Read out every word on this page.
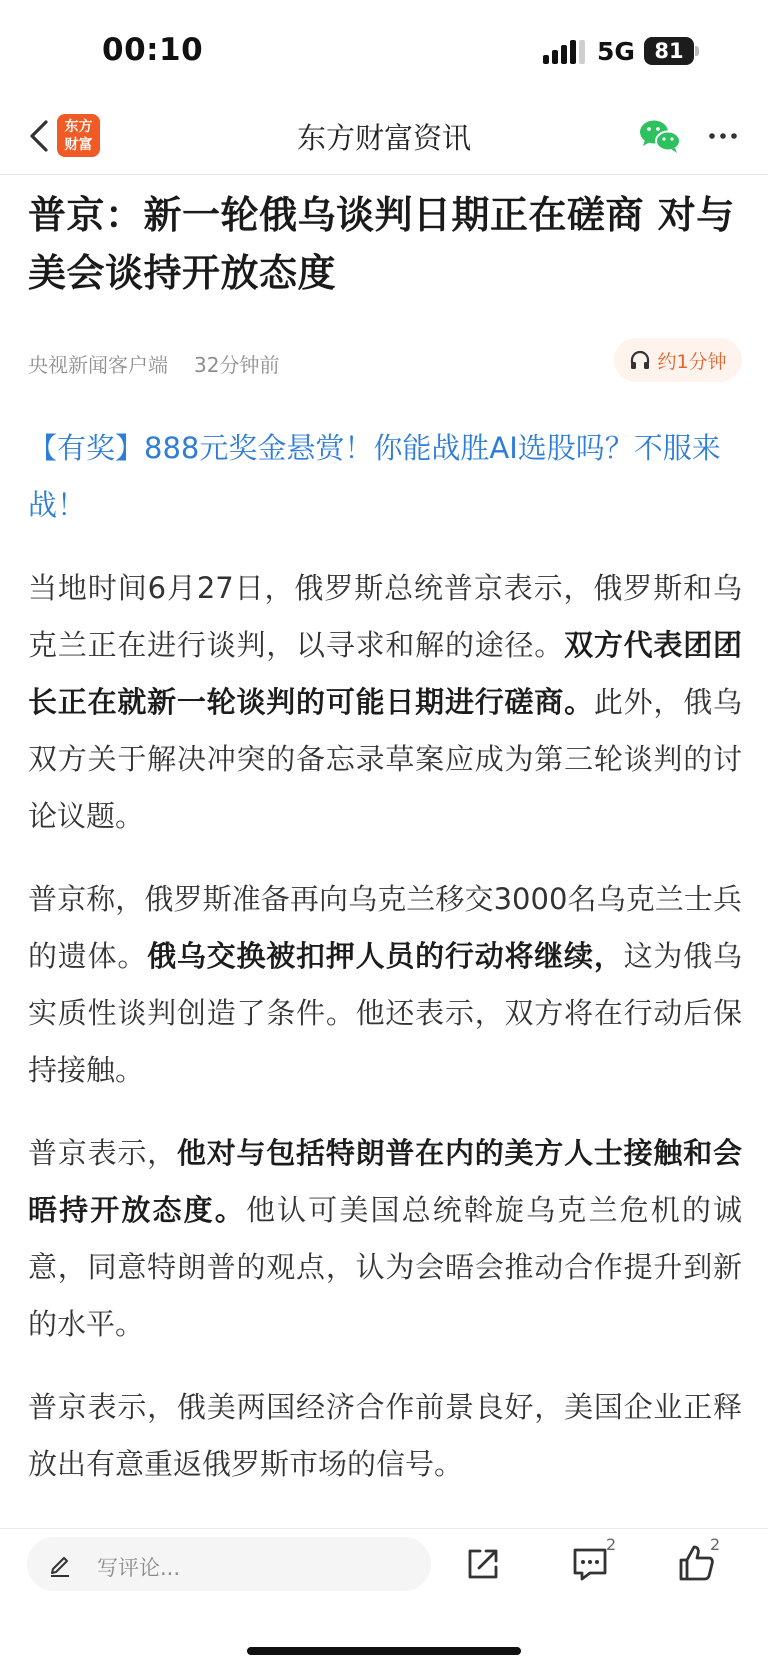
00:10	5G 81
东方
财富	东方财富资讯
普京：新一轮俄乌谈判日期正在磋商 对与美会谈持开放态度
央视新闻客户端 32分钟前	约1分钟
【有奖】888元奖金悬赏！你能战胜AI选股吗？不服来战！

当地时间6月27日，俄罗斯总统普京表示，俄罗斯和乌克兰正在进行谈判，以寻求和解的途径。双方代表团团长正在就新一轮谈判的可能日期进行磋商。此外，俄乌双方关于解决冲突的备忘录草案应成为第三轮谈判的讨论议题。

普京称，俄罗斯准备再向乌克兰移交3000名乌克兰士兵的遗体。俄乌交换被扣押人员的行动将继续，这为俄乌实质性谈判创造了条件。他还表示，双方将在行动后保持接触。

普京表示，他对与包括特朗普在内的美方人士接触和会晤持开放态度。他认可美国总统斡旋乌克兰危机的诚意，同意特朗普的观点，认为会晤会推动合作提升到新的水平。

普京表示，俄美两国经济合作前景良好，美国企业正释放出有意重返俄罗斯市场的信号。

写评论...
2	2
